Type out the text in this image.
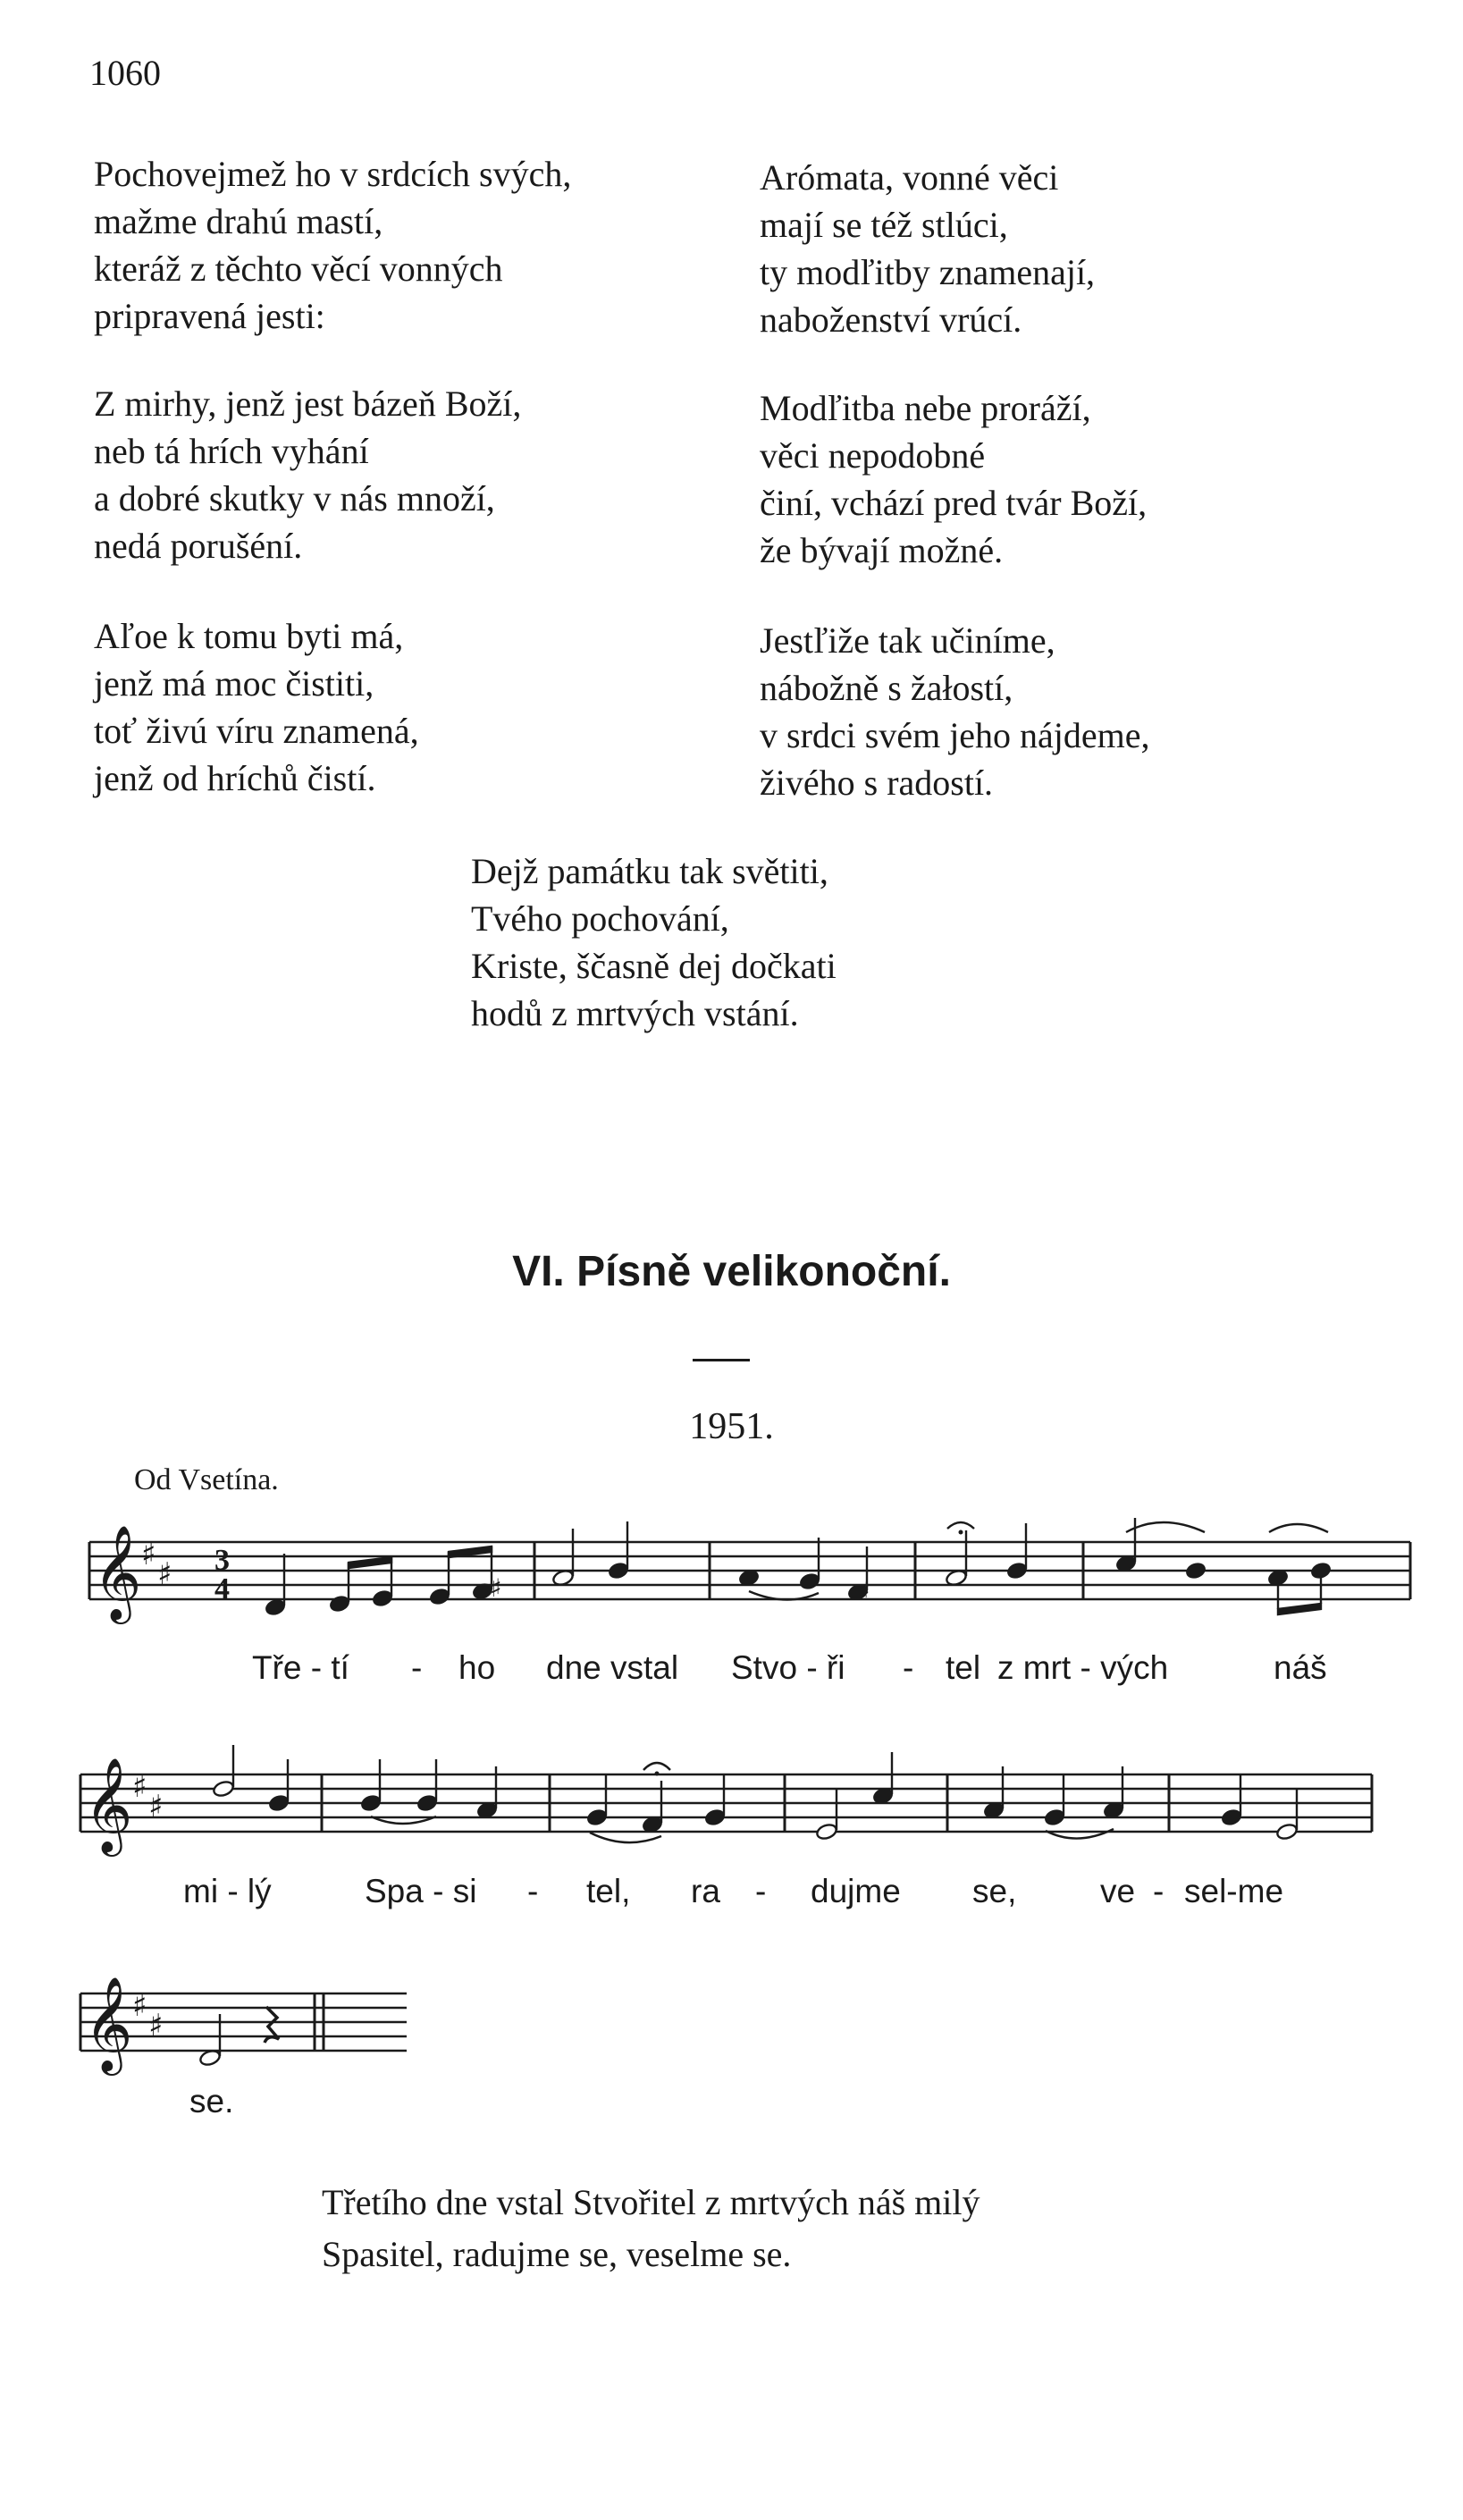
1060
Pochovejmež ho v srdcích svých,
mažme drahú mastí,
kteráž z těchto věcí vonných
pripravená jesti:
Z mirhy, jenž jest bázeň Boží,
neb tá hrích vyhání
a dobré skutky v nás množí,
nedá porušéní.
Aľoe k tomu byti má,
jenž má moc čistiti,
toť živú víru znamená,
jenž od hríchů čistí.
Arómata, vonné věci
mají se též stlúci,
ty modľitby znamenají,
naboženství vrúcí.
Modľitba nebe proráží,
věci nepodobné
činí, vchází pred tvár Boží,
že bývají možné.
Jestľiže tak učiníme,
nábožně s žałostí,
v srdci svém jeho nájdeme,
živého s radostí.
Dejž památku tak světiti,
Tvého pochování,
Kriste, ščasně dej dočkati
hodů z mrtvých vstání.
VI. Písně velikonoční.
1951.
Od Vsetína.
𝄞 ♯
♯ 3
4	♯
♯
Tře - tí - ho dne vstal Stvo - ři - tel z mrt - vých	náš
𝄞 ♯
♯
mi - lý	Spa - si - tel, ra - dujme se,	ve - sel-me
𝄞 ♯
♯
se.
Třetího dne vstal Stvořitel z mrtvých náš milý
Spasitel, radujme se, veselme se.
